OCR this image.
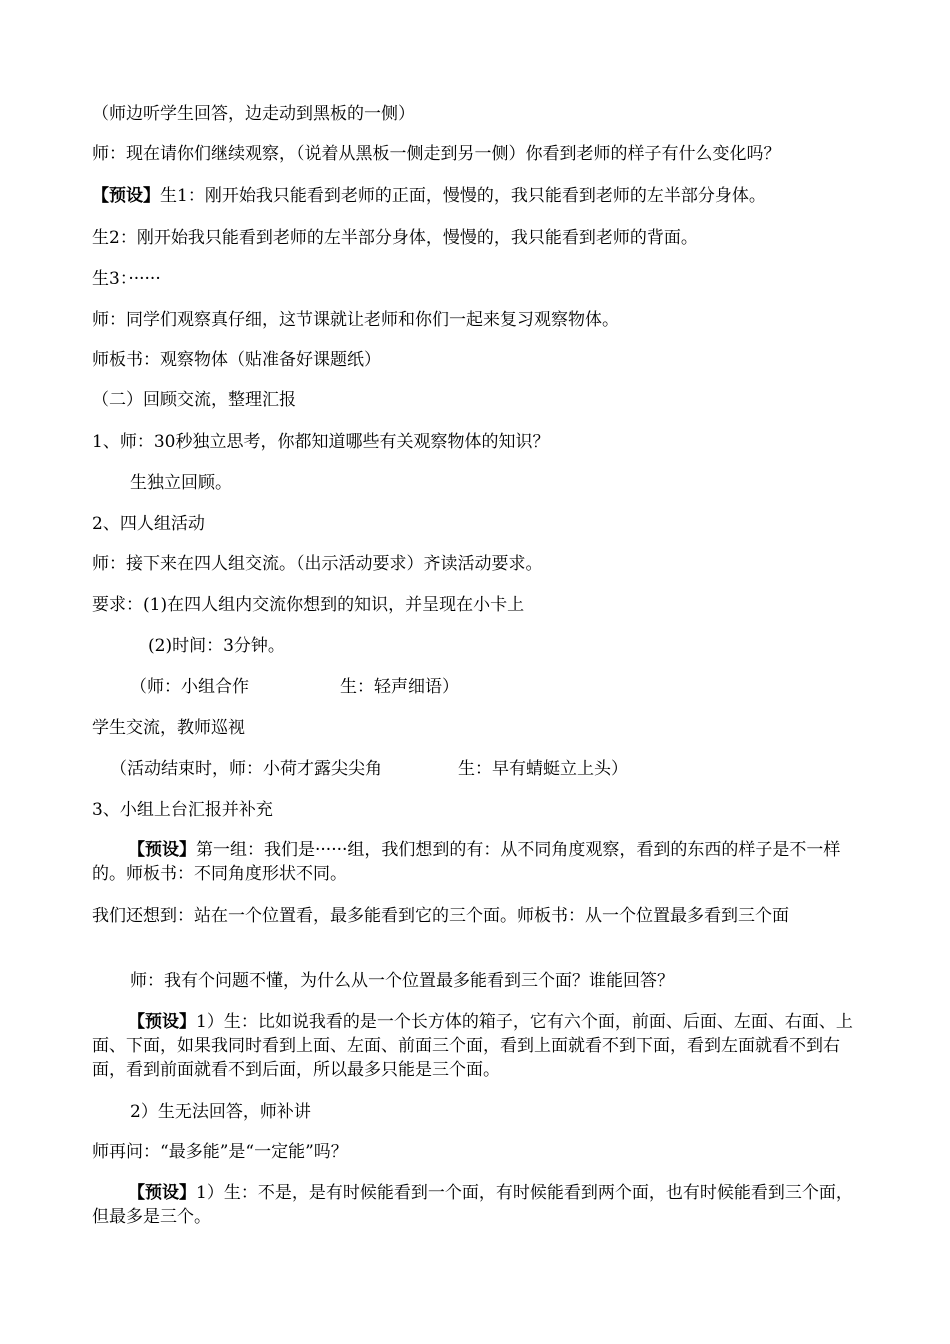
（师边听学生回答，边走动到黑板的一侧）
师：现在请你们继续观察，（说着从黑板一侧走到另一侧）你看到老师的样子有什么变化吗？
【预设】生1：刚开始我只能看到老师的正面，慢慢的，我只能看到老师的左半部分身体。
生2：刚开始我只能看到老师的左半部分身体，慢慢的，我只能看到老师的背面。
生3：······
师：同学们观察真仔细，这节课就让老师和你们一起来复习观察物体。
师板书：观察物体（贴准备好课题纸）
（二）回顾交流，整理汇报
1、师：30秒独立思考，你都知道哪些有关观察物体的知识？
生独立回顾。
2、四人组活动
师：接下来在四人组交流。（出示活动要求）齐读活动要求。
要求：(1)在四人组内交流你想到的知识，并呈现在小卡上
(2)时间：3分钟。
（师：小组合作	生：轻声细语）
学生交流，教师巡视
（活动结束时，师：小荷才露尖尖角	生：早有蜻蜓立上头）
3、小组上台汇报并补充
【预设】第一组：我们是······组，我们想到的有：从不同角度观察，看到的东西的样子是不一样的。师板书：不同角度形状不同。
我们还想到：站在一个位置看，最多能看到它的三个面。师板书：从一个位置最多看到三个面
师：我有个问题不懂，为什么从一个位置最多能看到三个面？谁能回答？
【预设】1）生：比如说我看的是一个长方体的箱子，它有六个面，前面、后面、左面、右面、上面、下面，如果我同时看到上面、左面、前面三个面，看到上面就看不到下面，看到左面就看不到右面，看到前面就看不到后面，所以最多只能是三个面。
2）生无法回答，师补讲
师再问：“最多能”是“一定能”吗？
【预设】1）生：不是，是有时候能看到一个面，有时候能看到两个面，也有时候能看到三个面，但最多是三个。
